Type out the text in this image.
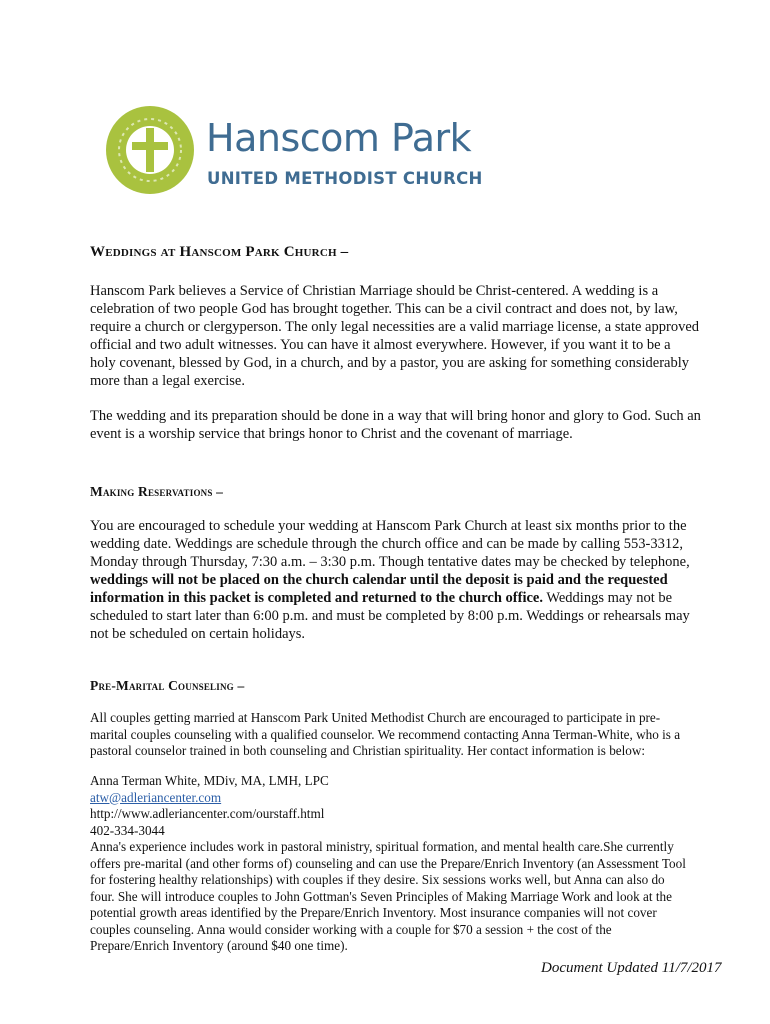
Hanscom Park
UNITED METHODIST CHURCH
Weddings at Hanscom Park Church –
Hanscom Park believes a Service of Christian Marriage should be Christ-centered. A wedding is a
celebration of two people God has brought together. This can be a civil contract and does not, by law,
require a church or clergyperson. The only legal necessities are a valid marriage license, a state approved
official and two adult witnesses. You can have it almost everywhere. However, if you want it to be a
holy covenant, blessed by God, in a church, and by a pastor, you are asking for something considerably
more than a legal exercise.
The wedding and its preparation should be done in a way that will bring honor and glory to God. Such an
event is a worship service that brings honor to Christ and the covenant of marriage.
Making Reservations –
You are encouraged to schedule your wedding at Hanscom Park Church at least six months prior to the
wedding date. Weddings are schedule through the church office and can be made by calling 553-3312,
Monday through Thursday, 7:30 a.m. – 3:30 p.m. Though tentative dates may be checked by telephone,
weddings will not be placed on the church calendar until the deposit is paid and the requested
information in this packet is completed and returned to the church office. Weddings may not be
scheduled to start later than 6:00 p.m. and must be completed by 8:00 p.m. Weddings or rehearsals may
not be scheduled on certain holidays.
Pre-Marital Counseling –
All couples getting married at Hanscom Park United Methodist Church are encouraged to participate in pre-
marital couples counseling with a qualified counselor. We recommend contacting Anna Terman-White, who is a
pastoral counselor trained in both counseling and Christian spirituality. Her contact information is below:
Anna Terman White, MDiv, MA, LMH, LPC
atw@adleriancenter.com
http://www.adleriancenter.com/ourstaff.html
402-334-3044
Anna's experience includes work in pastoral ministry, spiritual formation, and mental health care.She currently
offers pre-marital (and other forms of) counseling and can use the Prepare/Enrich Inventory (an Assessment Tool
for fostering healthy relationships) with couples if they desire. Six sessions works well, but Anna can also do
four. She will introduce couples to John Gottman's Seven Principles of Making Marriage Work and look at the
potential growth areas identified by the Prepare/Enrich Inventory. Most insurance companies will not cover
couples counseling. Anna would consider working with a couple for $70 a session + the cost of the
Prepare/Enrich Inventory (around $40 one time).
Document Updated 11/7/2017
